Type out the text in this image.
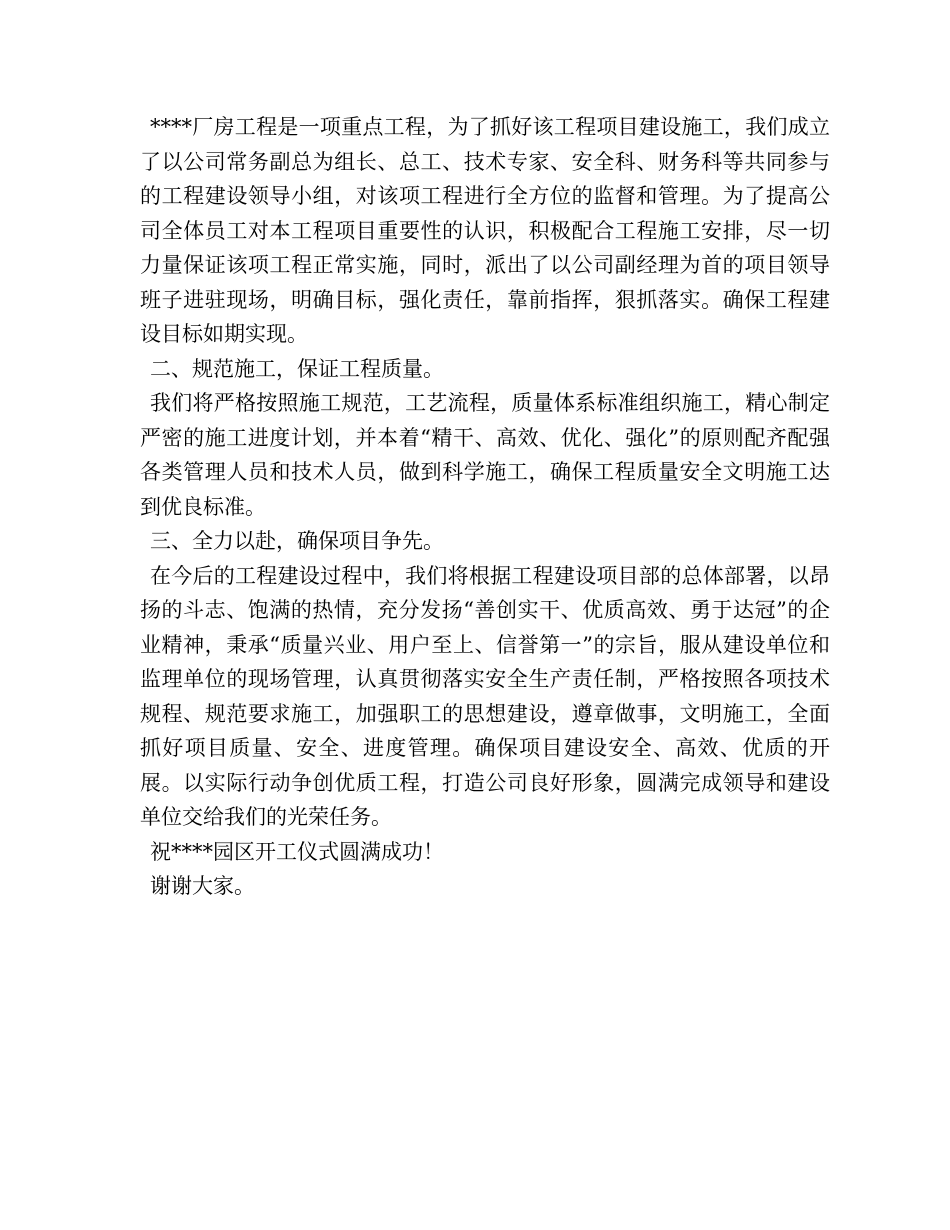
****厂房工程是一项重点工程，为了抓好该工程项目建设施工，我们成立了以公司常务副总为组长、总工、技术专家、安全科、财务科等共同参与的工程建设领导小组，对该项工程进行全方位的监督和管理。为了提高公司全体员工对本工程项目重要性的认识，积极配合工程施工安排，尽一切力量保证该项工程正常实施，同时，派出了以公司副经理为首的项目领导班子进驻现场，明确目标，强化责任，靠前指挥，狠抓落实。确保工程建设目标如期实现。

二、规范施工，保证工程质量。

我们将严格按照施工规范，工艺流程，质量体系标准组织施工，精心制定严密的施工进度计划，并本着“精干、高效、优化、强化”的原则配齐配强各类管理人员和技术人员，做到科学施工，确保工程质量安全文明施工达到优良标准。

三、全力以赴，确保项目争先。

在今后的工程建设过程中，我们将根据工程建设项目部的总体部署，以昂扬的斗志、饱满的热情，充分发扬“善创实干、优质高效、勇于达冠”的企业精神，秉承“质量兴业、用户至上、信誉第一”的宗旨，服从建设单位和监理单位的现场管理，认真贯彻落实安全生产责任制，严格按照各项技术规程、规范要求施工，加强职工的思想建设，遵章做事，文明施工，全面抓好项目质量、安全、进度管理。确保项目建设安全、高效、优质的开展。以实际行动争创优质工程，打造公司良好形象，圆满完成领导和建设单位交给我们的光荣任务。

祝****园区开工仪式圆满成功！

谢谢大家。
